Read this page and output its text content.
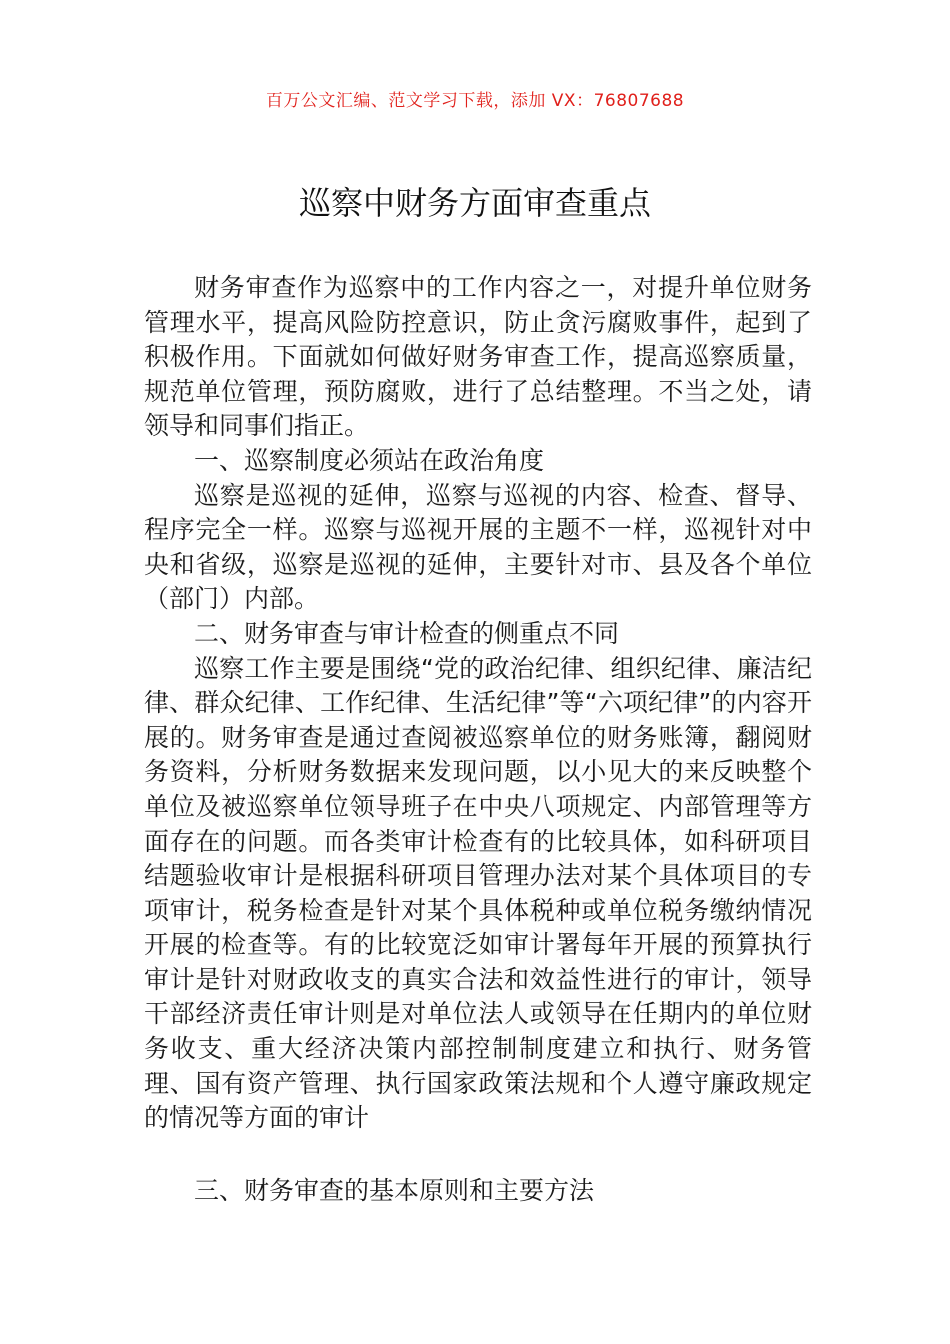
百万公文汇编、范文学习下载，添加 VX：76807688
巡察中财务方面审查重点

财务审查作为巡察中的工作内容之一，对提升单位财务管理水平，提高风险防控意识，防止贪污腐败事件，起到了积极作用。下面就如何做好财务审查工作，提高巡察质量，规范单位管理，预防腐败，进行了总结整理。不当之处，请领导和同事们指正。

一、巡察制度必须站在政治角度

巡察是巡视的延伸，巡察与巡视的内容、检查、督导、程序完全一样。巡察与巡视开展的主题不一样，巡视针对中央和省级，巡察是巡视的延伸，主要针对市、县及各个单位（部门）内部。

二、财务审查与审计检查的侧重点不同

巡察工作主要是围绕“党的政治纪律、组织纪律、廉洁纪律、群众纪律、工作纪律、生活纪律”等“六项纪律”的内容开展的。财务审查是通过查阅被巡察单位的财务账簿，翻阅财务资料，分析财务数据来发现问题，以小见大的来反映整个单位及被巡察单位领导班子在中央八项规定、内部管理等方面存在的问题。而各类审计检查有的比较具体，如科研项目结题验收审计是根据科研项目管理办法对某个具体项目的专项审计，税务检查是针对某个具体税种或单位税务缴纳情况开展的检查等。有的比较宽泛如审计署每年开展的预算执行审计是针对财政收支的真实合法和效益性进行的审计，领导干部经济责任审计则是对单位法人或领导在任期内的单位财务收支、重大经济决策内部控制制度建立和执行、财务管理、国有资产管理、执行国家政策法规和个人遵守廉政规定的情况等方面的审计

三、财务审查的基本原则和主要方法
